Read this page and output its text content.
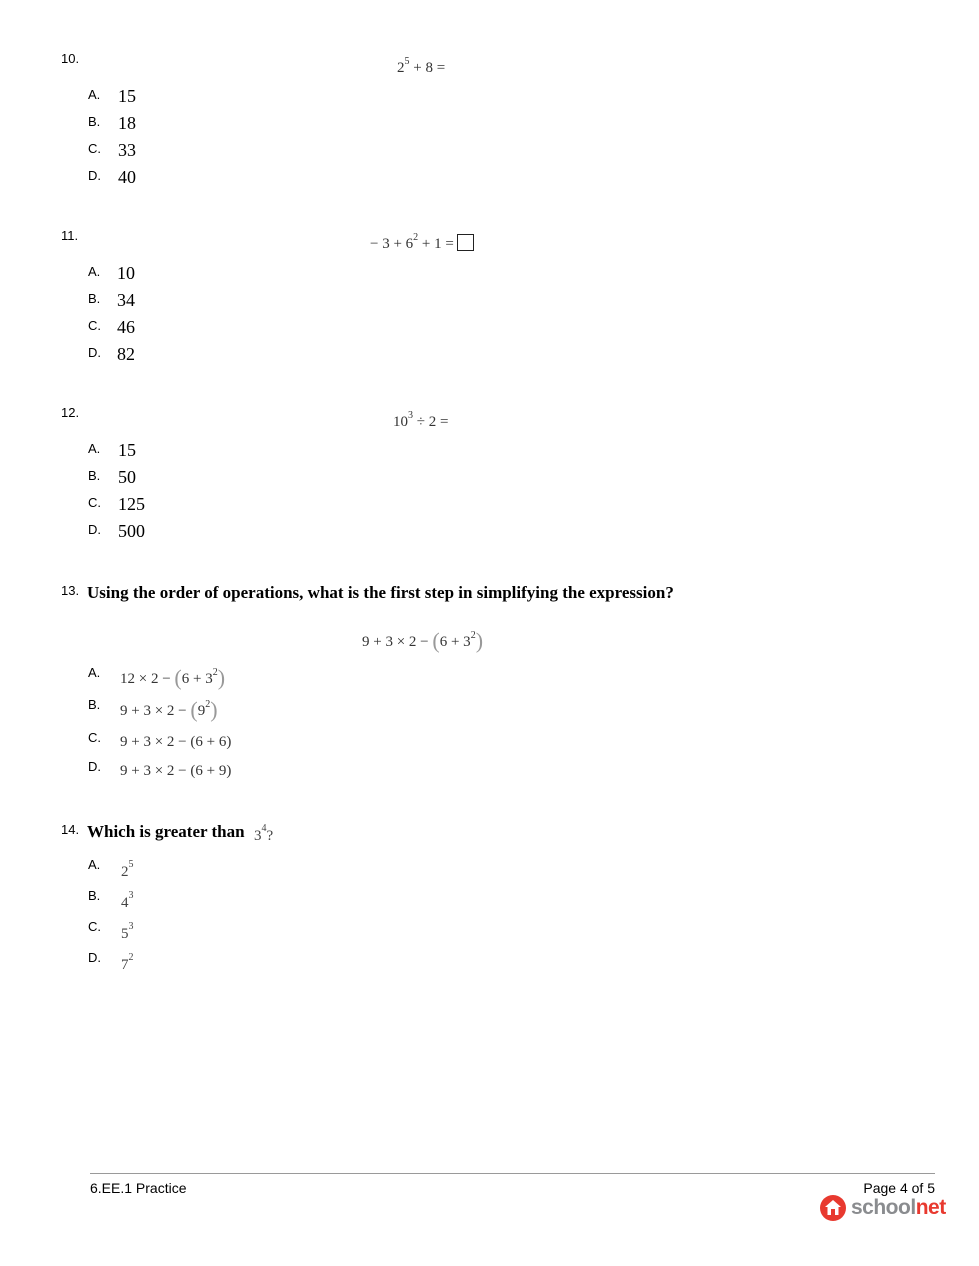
10.
$2^5 + 8$ =
A. 15
B. 18
C. 33
D. 40
11.
− $3 + 6^2 + 1$ =
A. 10
B. 34
C. 46
D. 82
12.
$10^3 \div 2$ =
A. 15
B. 50
C. 125
D. 500
13. Using the order of operations, what is the first step in simplifying the expression?
$9 + 3 \times 2 - (6 + 3^2)$
A. $12 \times 2 - (6 + 3^2)$
B. $9 + 3 \times 2 - (9^2)$
C. 9 + 3 × 2 − (6 + 6)
D. 9 + 3 × 2 − (6 + 9)
14. Which is greater than $3^4$?
A. $2^5$
B. $4^3$
C. $5^3$
D. $7^2$
6.EE.1 Practice	Page 4 of 5
school net
